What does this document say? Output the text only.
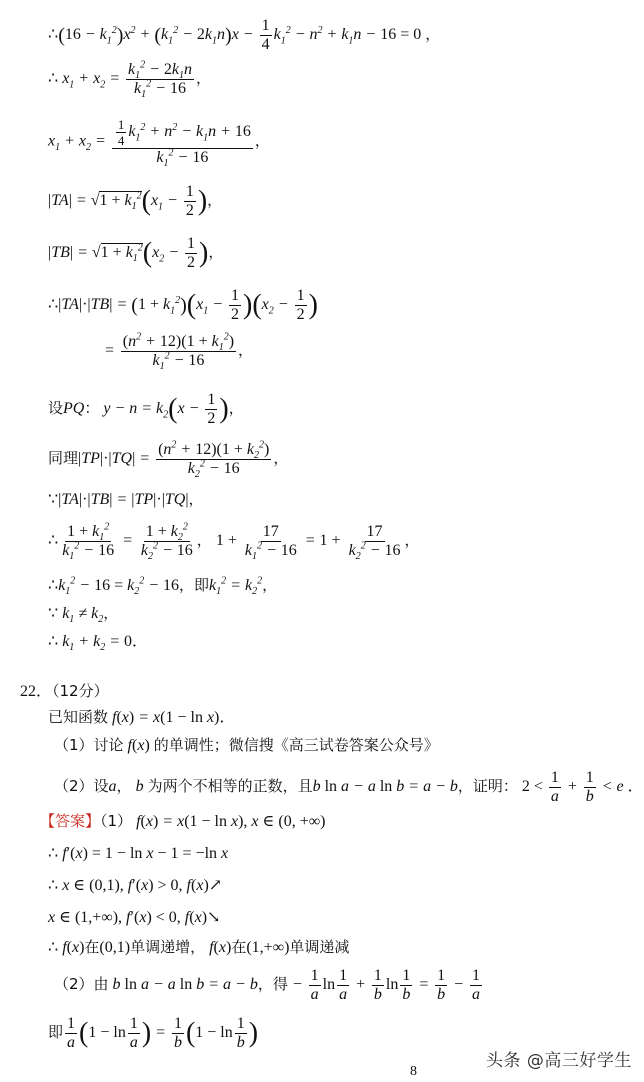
∴(16 − $k_1^2)x^2 + (k_1^2 - 2k_1n)x - \frac{1}{4} k_1^2 - n^2 + k_1n - 16 = 0$ ，
∴ $x_1 + x_2 = \frac{k_1^2 - 2k_1n}{k_1^2 - 16}$ ，
$x_1 + x_2 = \frac{\frac{1}{4} k_1^2 + n^2 - k_1n + 16}{k_1^2 - 16}$ ，
$|TA| = √1 + k_1^2(x_1 - \frac{1}{2}$ )，
$|TB| = √1 + k_1^2(x_2 - \frac{1}{2}$ )，
∴|TA|·|TB| = $(1 + k_1^2)(x_1 - \frac{1}{2} )(x_2 - \frac{1}{2}$ )
= $\frac{(n^2 + 12)(1 + k_1^2)}{k_1^2 - 16}$ ，
设PQ： $y - n = k_2(x - \frac{1}{2}$ )，
同理$|TP|\cdot|TQ| = \frac{(n^2 + 12)(1 + k_2^2)}{k_2^2 - 16}$ ，
∵|TA|·|TB| = |TP|·|TQ|，
∴ $\frac{1 + k_1^2}{k_1^2 - 16} = \frac{1 + k_2^2}{k_2^2 - 16}$ ， $1 + \frac{17}{k_1^2 - 16} = 1 + \frac{17}{k_2^2 - 16}$ ，
$\therefore k_1^2 - 16 = k_2^2 - 16$，即$k_1^2 = k_2^2$，
∵ $k_1 \ne k_2$，
∴ $k_1 + k_2 = 0$．
22．（12分）
已知函数 f(x) = x(1 − ln x)．
（1）讨论 f(x) 的单调性；微信搜《高三试卷答案公众号》
（2）设a， b 为两个不相等的正数，且b ln a − a ln b = a − b，证明： $2 < \frac{1}{a} + \frac{1}{b} < e$ ．
【答案】（1） f(x) = x(1 − ln x), x ∈ (0, +∞)
∴ f′(x) = 1 − ln x − 1 = −ln x
∴ x ∈ (0,1), f′(x) > 0, f(x)↗
x ∈ (1,+∞), f′(x) < 0, f(x)↘
∴ f(x)在(0,1)单调递增， f(x)在(1,+∞)单调递减
（2）由 b ln a − a ln b = a − b，得 − $\frac{1}{a}$ $\ln \frac{1}{a} + \frac{1}{b}$ $\ln \frac{1}{b} = \frac{1}{b} - \frac{1}{a}$
即 $\frac{1}{a} (1 - \ln \frac{1}{a}$ ) = $\frac{1}{b} (1 - \ln \frac{1}{b}$ )
头条 @高三好学生
8
